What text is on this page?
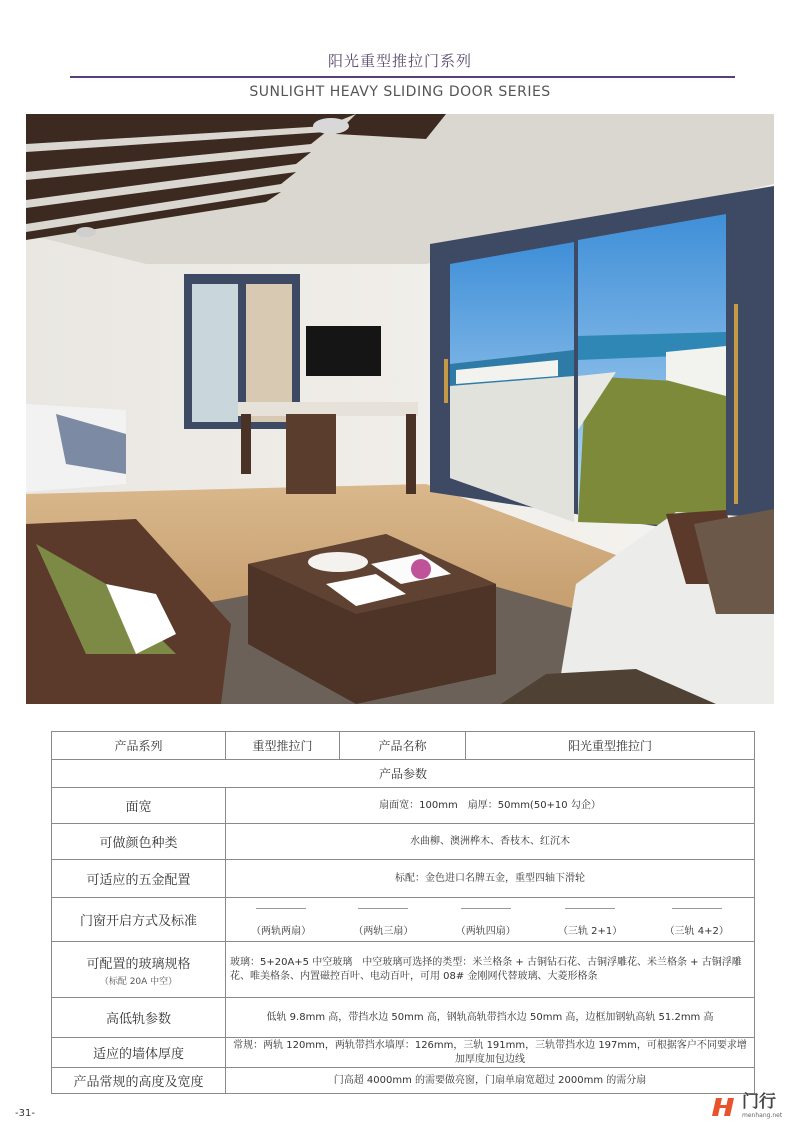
阳光重型推拉门系列
SUNLIGHT HEAVY SLIDING DOOR SERIES
产品系列	重型推拉门	产品名称	阳光重型推拉门
产品参数			
面宽	扇面宽：100mm　扇厚：50mm(50+10 勾企）		
可做颜色种类	水曲柳、澳洲桦木、香枝木、红沉木		
可适应的五金配置	标配：金色进口名牌五金，重型四轴下滑轮		
门窗开启方式及标准	（两轨两扇） （两轨三扇） （两轨四扇） （三轨 2+1） （三轨 4+2）		

可配置的玻璃规格
（标配 20A 中空）	玻璃：5+20A+5 中空玻璃　中空玻璃可选择的类型：米兰格条 + 古铜钻石花、古铜浮雕花、米兰格条 + 古铜浮雕花、唯美格条、内置磁控百叶、电动百叶，可用 08# 金刚网代替玻璃、大菱形格条		
高低轨参数	低轨 9.8mm 高，带挡水边 50mm 高，钢轨高轨带挡水边 50mm 高，边框加钢轨高轨 51.2mm 高		
适应的墙体厚度	常规：两轨 120mm，两轨带挡水墙厚：126mm，三轨 191mm，三轨带挡水边 197mm，可根据客户不同要求增加厚度加包边线		
产品常规的高度及宽度	门高超 4000mm 的需要做亮窗，门扇单扇宽超过 2000mm 的需分扇		
-31-
门行
menhang.net
